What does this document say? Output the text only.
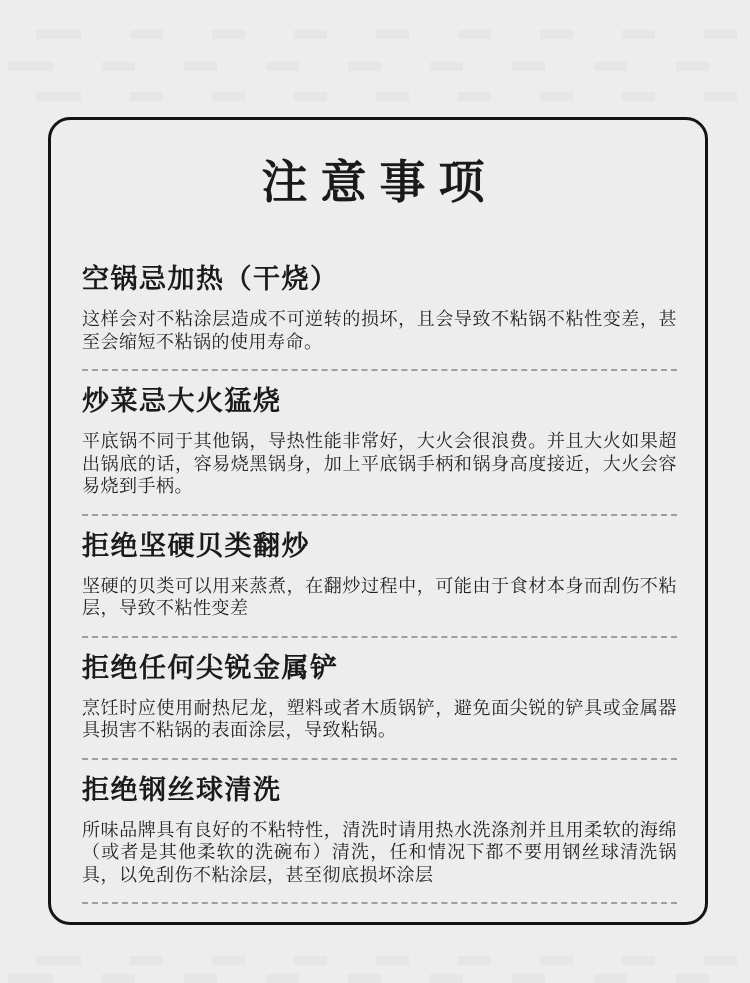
注意事项
空锅忌加热（干烧）

这样会对不粘涂层造成不可逆转的损坏，且会导致不粘锅不粘性变差，甚至会缩短不粘锅的使用寿命。

炒菜忌大火猛烧

平底锅不同于其他锅，导热性能非常好，大火会很浪费。并且大火如果超出锅底的话，容易烧黑锅身，加上平底锅手柄和锅身高度接近，大火会容易烧到手柄。

拒绝坚硬贝类翻炒

坚硬的贝类可以用来蒸煮，在翻炒过程中，可能由于食材本身而刮伤不粘层，导致不粘性变差

拒绝任何尖锐金属铲

烹饪时应使用耐热尼龙，塑料或者木质锅铲，避免面尖锐的铲具或金属器具损害不粘锅的表面涂层，导致粘锅。

拒绝钢丝球清洗

所味品牌具有良好的不粘特性，清洗时请用热水洗涤剂并且用柔软的海绵（或者是其他柔软的洗碗布）清洗，任和情况下都不要用钢丝球清洗锅具，以免刮伤不粘涂层，甚至彻底损坏涂层
